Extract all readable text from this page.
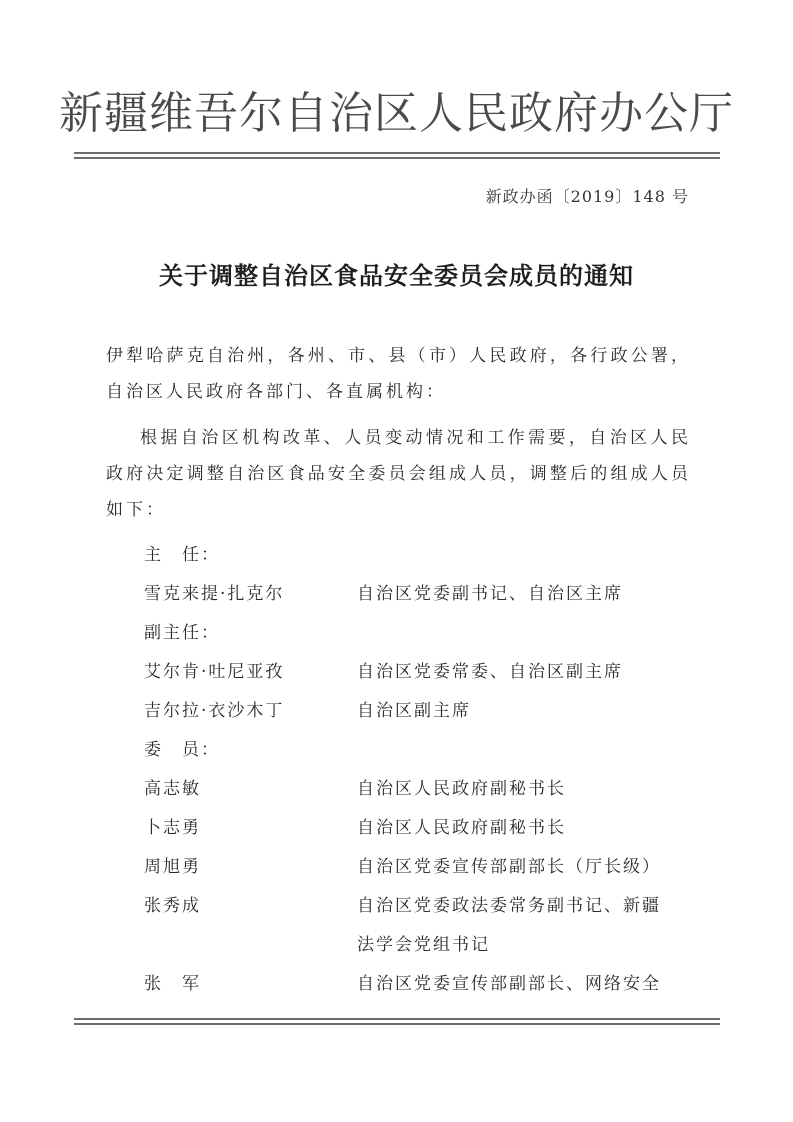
新疆维吾尔自治区人民政府办公厅
新政办函〔2019〕148 号
关于调整自治区食品安全委员会成员的通知
伊犁哈萨克自治州，各州、市、县（市）人民政府，各行政公署，自治区人民政府各部门、各直属机构：
根据自治区机构改革、人员变动情况和工作需要，自治区人民政府决定调整自治区食品安全委员会组成人员，调整后的组成人员如下：
主　任：
雪克来提·扎克尔	自治区党委副书记、自治区主席
副主任：
艾尔肯·吐尼亚孜	自治区党委常委、自治区副主席
吉尔拉·衣沙木丁	自治区副主席
委　员：
高志敏	自治区人民政府副秘书长
卜志勇	自治区人民政府副秘书长
周旭勇	自治区党委宣传部副部长（厅长级）
张秀成	自治区党委政法委常务副书记、新疆
法学会党组书记
张　军	自治区党委宣传部副部长、网络安全
